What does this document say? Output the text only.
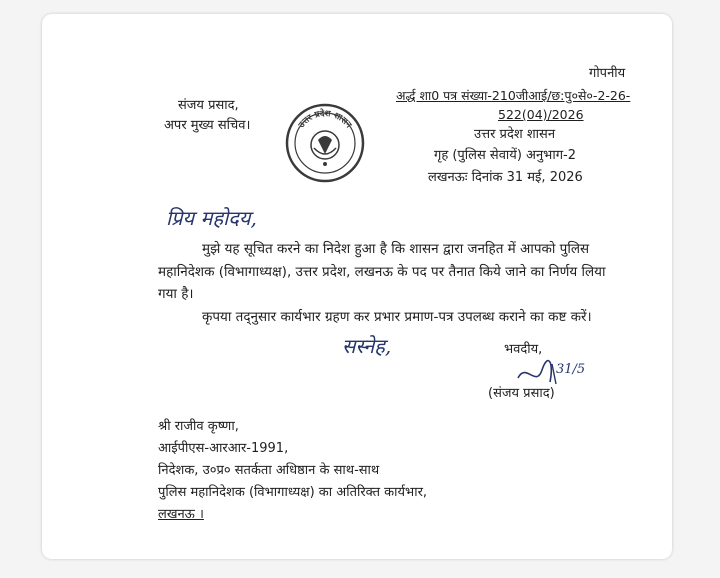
गोपनीय
अर्द्ध शा0 पत्र संख्या-210जीआई/छ:पु०से०-2-26-
522(04)/2026
उत्तर प्रदेश शासन
गृह (पुलिस सेवायें) अनुभाग-2
लखनऊः दिनांक 31 मई, 2026
संजय प्रसाद,
अपर मुख्य सचिव।	उत्तर प्रदेश शासन
प्रिय महोदय,
मुझे यह सूचित करने का निदेश हुआ है कि शासन द्वारा जनहित में आपको पुलिस
महानिदेशक (विभागाध्यक्ष), उत्तर प्रदेश, लखनऊ के पद पर तैनात किये जाने का निर्णय लिया
गया है।
कृपया तद्नुसार कार्यभार ग्रहण कर प्रभार प्रमाण-पत्र उपलब्ध कराने का कष्ट करें।
सस्नेह,	भवदीय,
31/5
(संजय प्रसाद)
श्री राजीव कृष्णा,
आईपीएस-आरआर-1991,
निदेशक, उ०प्र० सतर्कता अधिष्ठान के साथ-साथ
पुलिस महानिदेशक (विभागाध्यक्ष) का अतिरिक्त कार्यभार,
लखनऊ ।
